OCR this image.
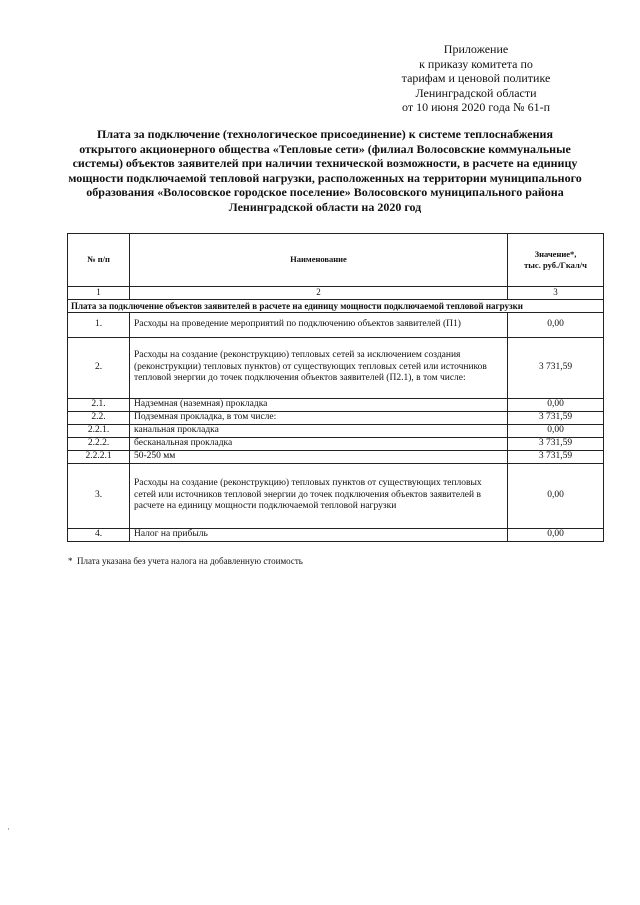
Приложение
к приказу комитета по
тарифам и ценовой политике
Ленинградской области
от 10 июня 2020 года № 61-п
Плата за подключение (технологическое присоединение) к системе теплоснабжения
открытого акционерного общества «Тепловые сети» (филиал Волосовские коммунальные
системы) объектов заявителей при наличии технической возможности, в расчете на единицу
мощности подключаемой тепловой нагрузки, расположенных на территории муниципального
образования «Волосовское городское поселение» Волосовского муниципального района
Ленинградской области на 2020 год
№ п/п	Наименование	Значение*,
тыс. руб./Гкал/ч
1	2	3
Плата за подключение объектов заявителей в расчете на единицу мощности подключаемой тепловой нагрузки		
1.	Расходы на проведение мероприятий по подключению объектов заявителей (П1)	0,00
2.	Расходы на создание (реконструкцию) тепловых сетей за исключением создания (реконструкции) тепловых пунктов) от существующих тепловых сетей или источников тепловой энергии до точек подключения объектов заявителей (П2.1), в том числе:	3 731,59
2.1.	Надземная (наземная) прокладка	0,00
2.2.	Подземная прокладка, в том числе:	3 731,59
2.2.1.	канальная прокладка	0,00
2.2.2.	бесканальная прокладка	3 731,59
2.2.2.1	50-250 мм	3 731,59
3.	Расходы на создание (реконструкцию) тепловых пунктов от существующих тепловых сетей или источников тепловой энергии до точек подключения объектов заявителей в расчете на единицу мощности подключаемой тепловой нагрузки	0,00
4.	Налог на прибыль	0,00
*  Плата указана без учета налога на добавленную стоимость
